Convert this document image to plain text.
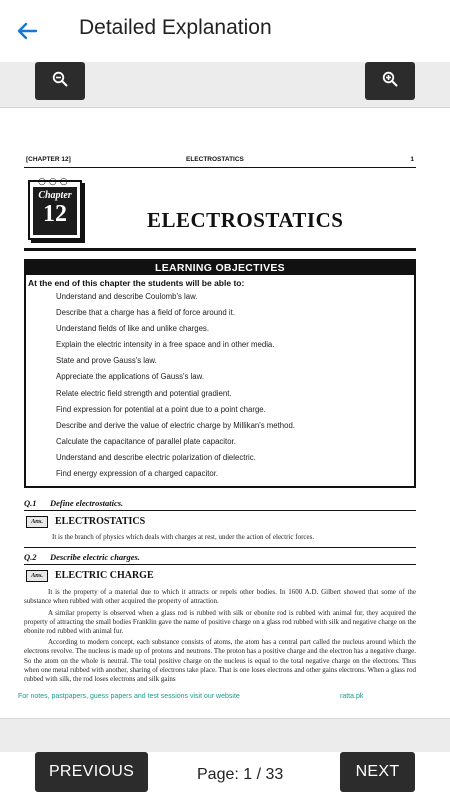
Detailed Explanation
[CHAPTER 12]	ELECTROSTATICS	1
○○○
Chapter
12	ELECTROSTATICS
LEARNING OBJECTIVES
At the end of this chapter the students will be able to:
Understand and describe Coulomb's law.
Describe that a charge has a field of force around it.
Understand fields of like and unlike charges.
Explain the electric intensity in a free space and in other media.
State and prove Gauss's law.
Appreciate the applications of Gauss's law.
Relate electric field strength and potential gradient.
Find expression for potential at a point due to a point charge.
Describe and derive the value of electric charge by Millikan's method.
Calculate the capacitance of parallel plate capacitor.
Understand and describe electric polarization of dielectric.
Find energy expression of a charged capacitor.
Q.1 Define electrostatics.
Ans.	ELECTROSTATICS
It is the branch of physics which deals with charges at rest, under the action of electric forces.
Q.2 Describe electric charges.
Ans.	ELECTRIC CHARGE

It is the property of a material due to which it attracts or repels other bodies. In 1600 A.D. Gilbert showed that some of the substance when rubbed with other acquired the property of attraction.

A similar property is observed when a glass rod is rubbed with silk or ebonite rod is rubbed with animal fur, they acquired the property of attracting the small bodies Franklin gave the name of positive charge on a glass rod rubbed with silk and negative charge on the ebonite rod rubbed with animal fur.

According to modern concept, each substance consists of atoms, the atom has a central part called the nucleus around which the electrons revolve. The nucleus is made up of protons and neutrons. The proton has a positive charge and the electron has a negative charge. So the atom on the whole is neutral. The total positive charge on the nucleus is equal to the total negative charge on the electrons. Thus when one metal rubbed with another, sharing of electrons take place. That is one loses electrons and other gains electrons. When a glass rod rubbed with silk, the rod loses electrons and silk gains

For notes, pastpapers, guess papers and test sessions visit our website	ratta.pk
PREVIOUS	Page: 1 / 33	NEXT
